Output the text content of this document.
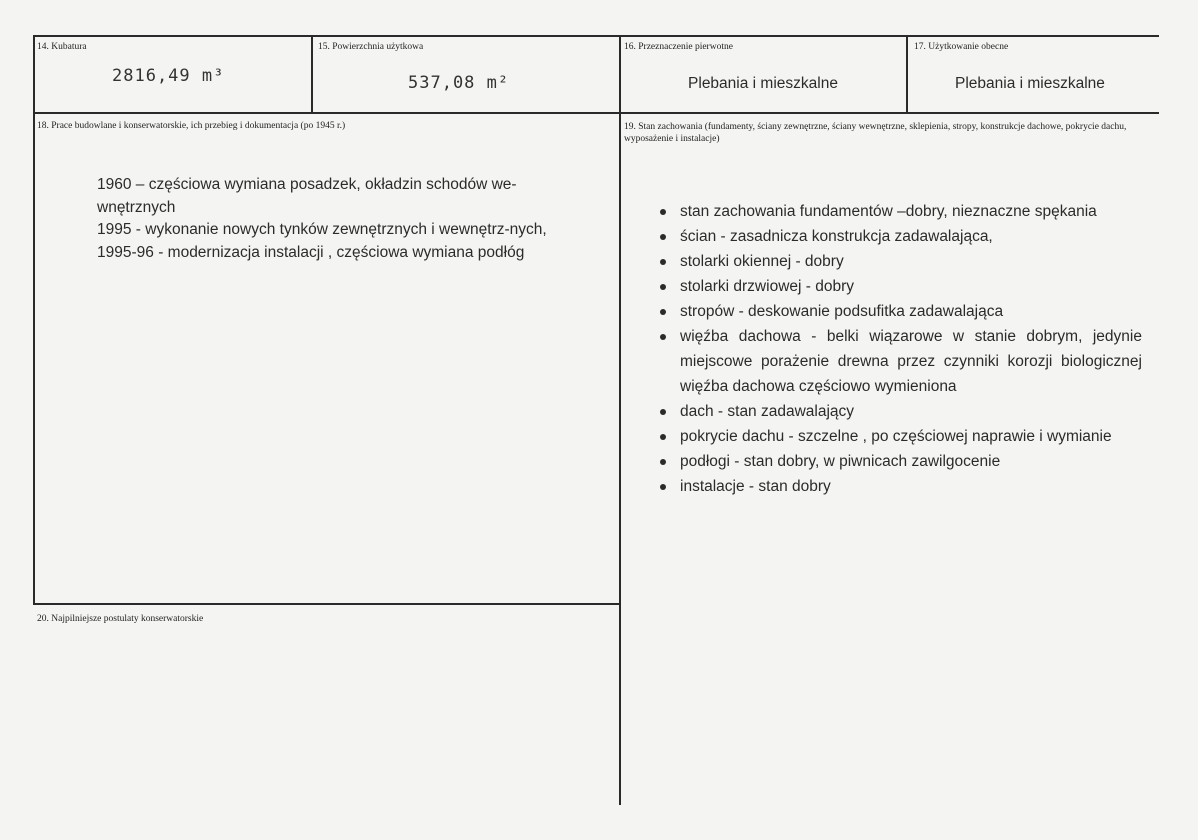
14. Kubatura
2816,49 m³
15. Powierzchnia użytkowa
537,08 m²
16. Przeznaczenie pierwotne
Plebania i mieszkalne
17. Użytkowanie obecne
Plebania i mieszkalne
18. Prace budowlane i konserwatorskie, ich przebieg i dokumentacja (po 1945 r.)
1960 – częściowa wymiana posadzek, okładzin schodów we-wnętrznych
1995 - wykonanie nowych tynków zewnętrznych i wewnętrz-nych,
1995-96 - modernizacja instalacji , częściowa wymiana podłóg
19. Stan zachowania (fundamenty, ściany zewnętrzne, ściany wewnętrzne, sklepienia, stropy, konstrukcje dachowe, pokrycie dachu, wyposażenie i instalacje)
stan zachowania fundamentów –dobry, nieznaczne spękania
ścian - zasadnicza konstrukcja zadawalająca,
stolarki okiennej - dobry
stolarki drzwiowej - dobry
stropów - deskowanie podsufitka zadawalająca
więźba dachowa - belki wiązarowe w stanie dobrym, jedynie miejscowe porażenie drewna przez czynniki korozji biologicznej więźba dachowa częściowo wymieniona
dach - stan zadawalający
pokrycie dachu - szczelne , po częściowej naprawie i wymianie
podłogi - stan dobry, w piwnicach zawilgocenie
instalacje - stan dobry
20. Najpilniejsze postulaty konserwatorskie
